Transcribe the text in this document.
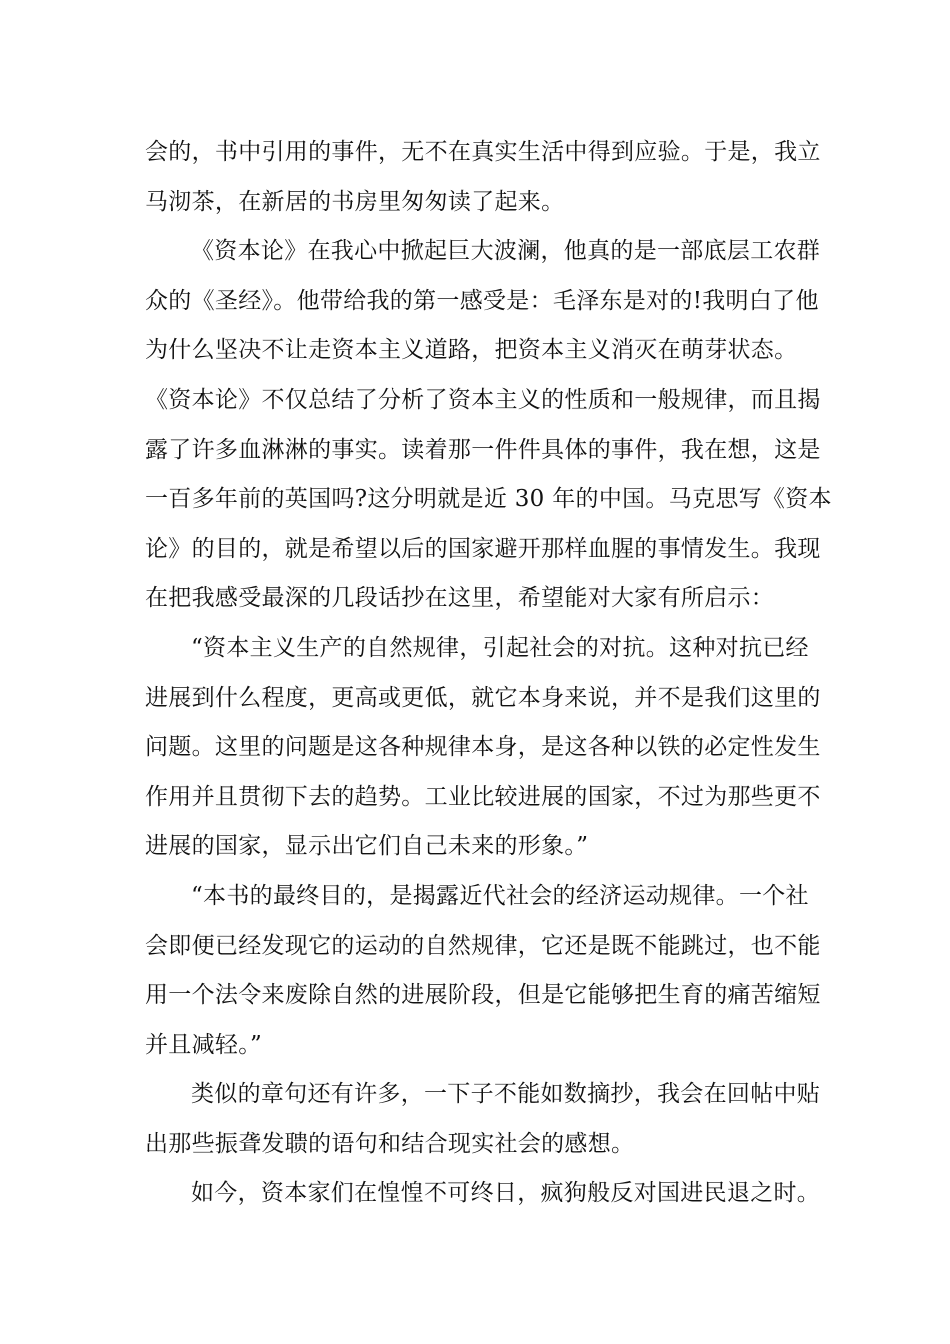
会的，书中引用的事件，无不在真实生活中得到应验。于是，我立
马沏茶，在新居的书房里匆匆读了起来。
《资本论》在我心中掀起巨大波澜，他真的是一部底层工农群
众的《圣经》。他带给我的第一感受是：毛泽东是对的!我明白了他
为什么坚决不让走资本主义道路，把资本主义消灭在萌芽状态。
《资本论》不仅总结了分析了资本主义的性质和一般规律，而且揭
露了许多血淋淋的事实。读着那一件件具体的事件，我在想，这是
一百多年前的英国吗?这分明就是近 30 年的中国。马克思写《资本
论》的目的，就是希望以后的国家避开那样血腥的事情发生。我现
在把我感受最深的几段话抄在这里，希望能对大家有所启示：
“资本主义生产的自然规律，引起社会的对抗。这种对抗已经
进展到什么程度，更高或更低，就它本身来说，并不是我们这里的
问题。这里的问题是这各种规律本身，是这各种以铁的必定性发生
作用并且贯彻下去的趋势。工业比较进展的国家，不过为那些更不
进展的国家，显示出它们自己未来的形象。”
“本书的最终目的，是揭露近代社会的经济运动规律。一个社
会即便已经发现它的运动的自然规律，它还是既不能跳过，也不能
用一个法令来废除自然的进展阶段，但是它能够把生育的痛苦缩短
并且减轻。”
类似的章句还有许多，一下子不能如数摘抄，我会在回帖中贴
出那些振聋发聩的语句和结合现实社会的感想。
如今，资本家们在惶惶不可终日，疯狗般反对国进民退之时。
